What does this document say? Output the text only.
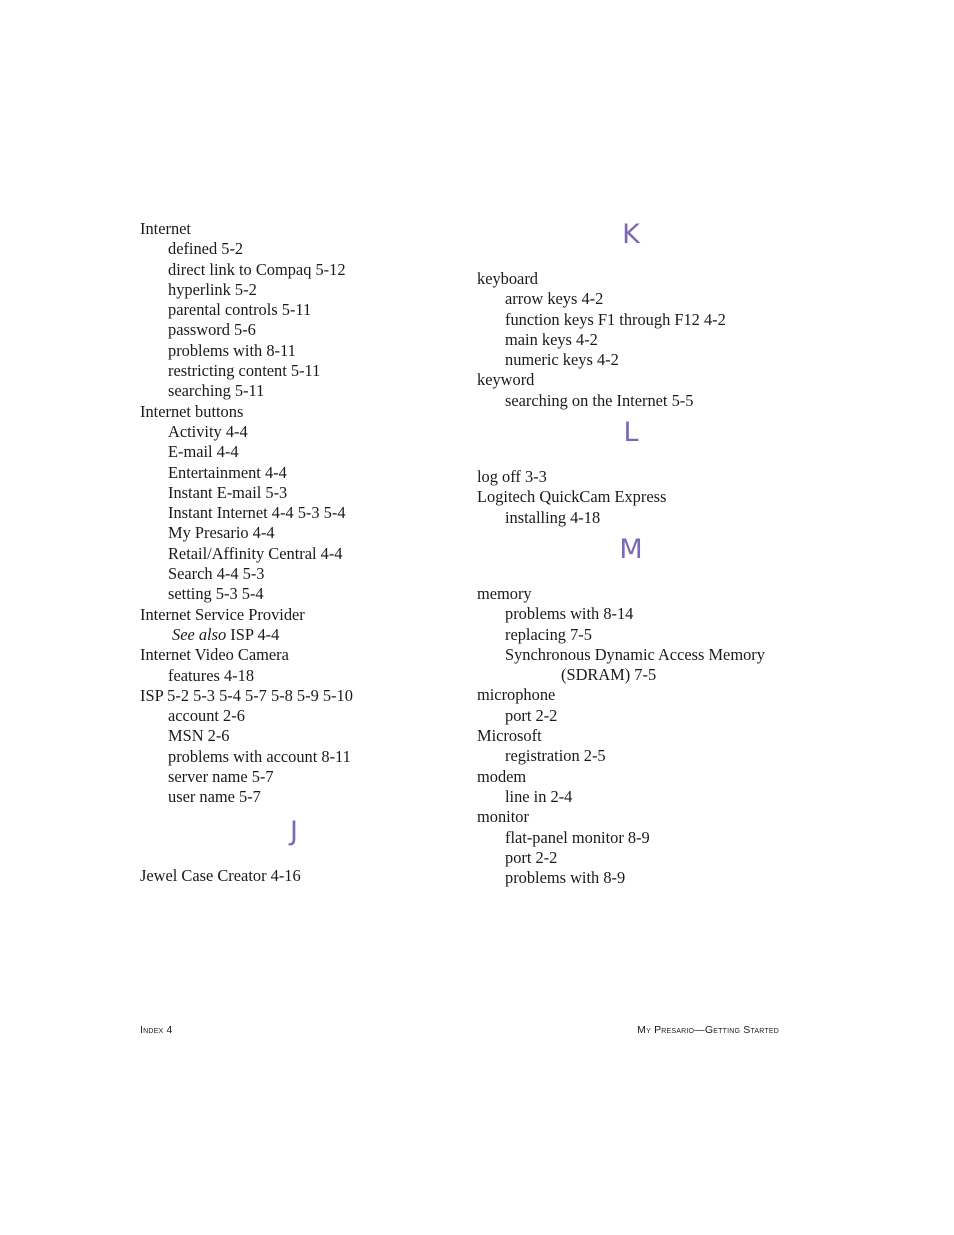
Internet
defined 5-2
direct link to Compaq 5-12
hyperlink 5-2
parental controls 5-11
password 5-6
problems with 8-11
restricting content 5-11
searching 5-11
Internet buttons
Activity 4-4
E-mail 4-4
Entertainment 4-4
Instant E-mail 5-3
Instant Internet 4-4 5-3 5-4
My Presario 4-4
Retail/Affinity Central 4-4
Search 4-4 5-3
setting 5-3 5-4
Internet Service Provider
See also ISP 4-4
Internet Video Camera
features 4-18
ISP 5-2 5-3 5-4 5-7 5-8 5-9 5-10
account 2-6
MSN 2-6
problems with account 8-11
server name 5-7
user name 5-7
J
Jewel Case Creator 4-16
K
keyboard
arrow keys 4-2
function keys F1 through F12 4-2
main keys 4-2
numeric keys 4-2
keyword
searching on the Internet 5-5
L
log off 3-3
Logitech QuickCam Express
installing 4-18
M
memory
problems with 8-14
replacing 7-5
Synchronous Dynamic Access Memory
(SDRAM) 7-5
microphone
port 2-2
Microsoft
registration 2-5
modem
line in 2-4
monitor
flat-panel monitor 8-9
port 2-2
problems with 8-9
Index 4	My Presario—Getting Started
